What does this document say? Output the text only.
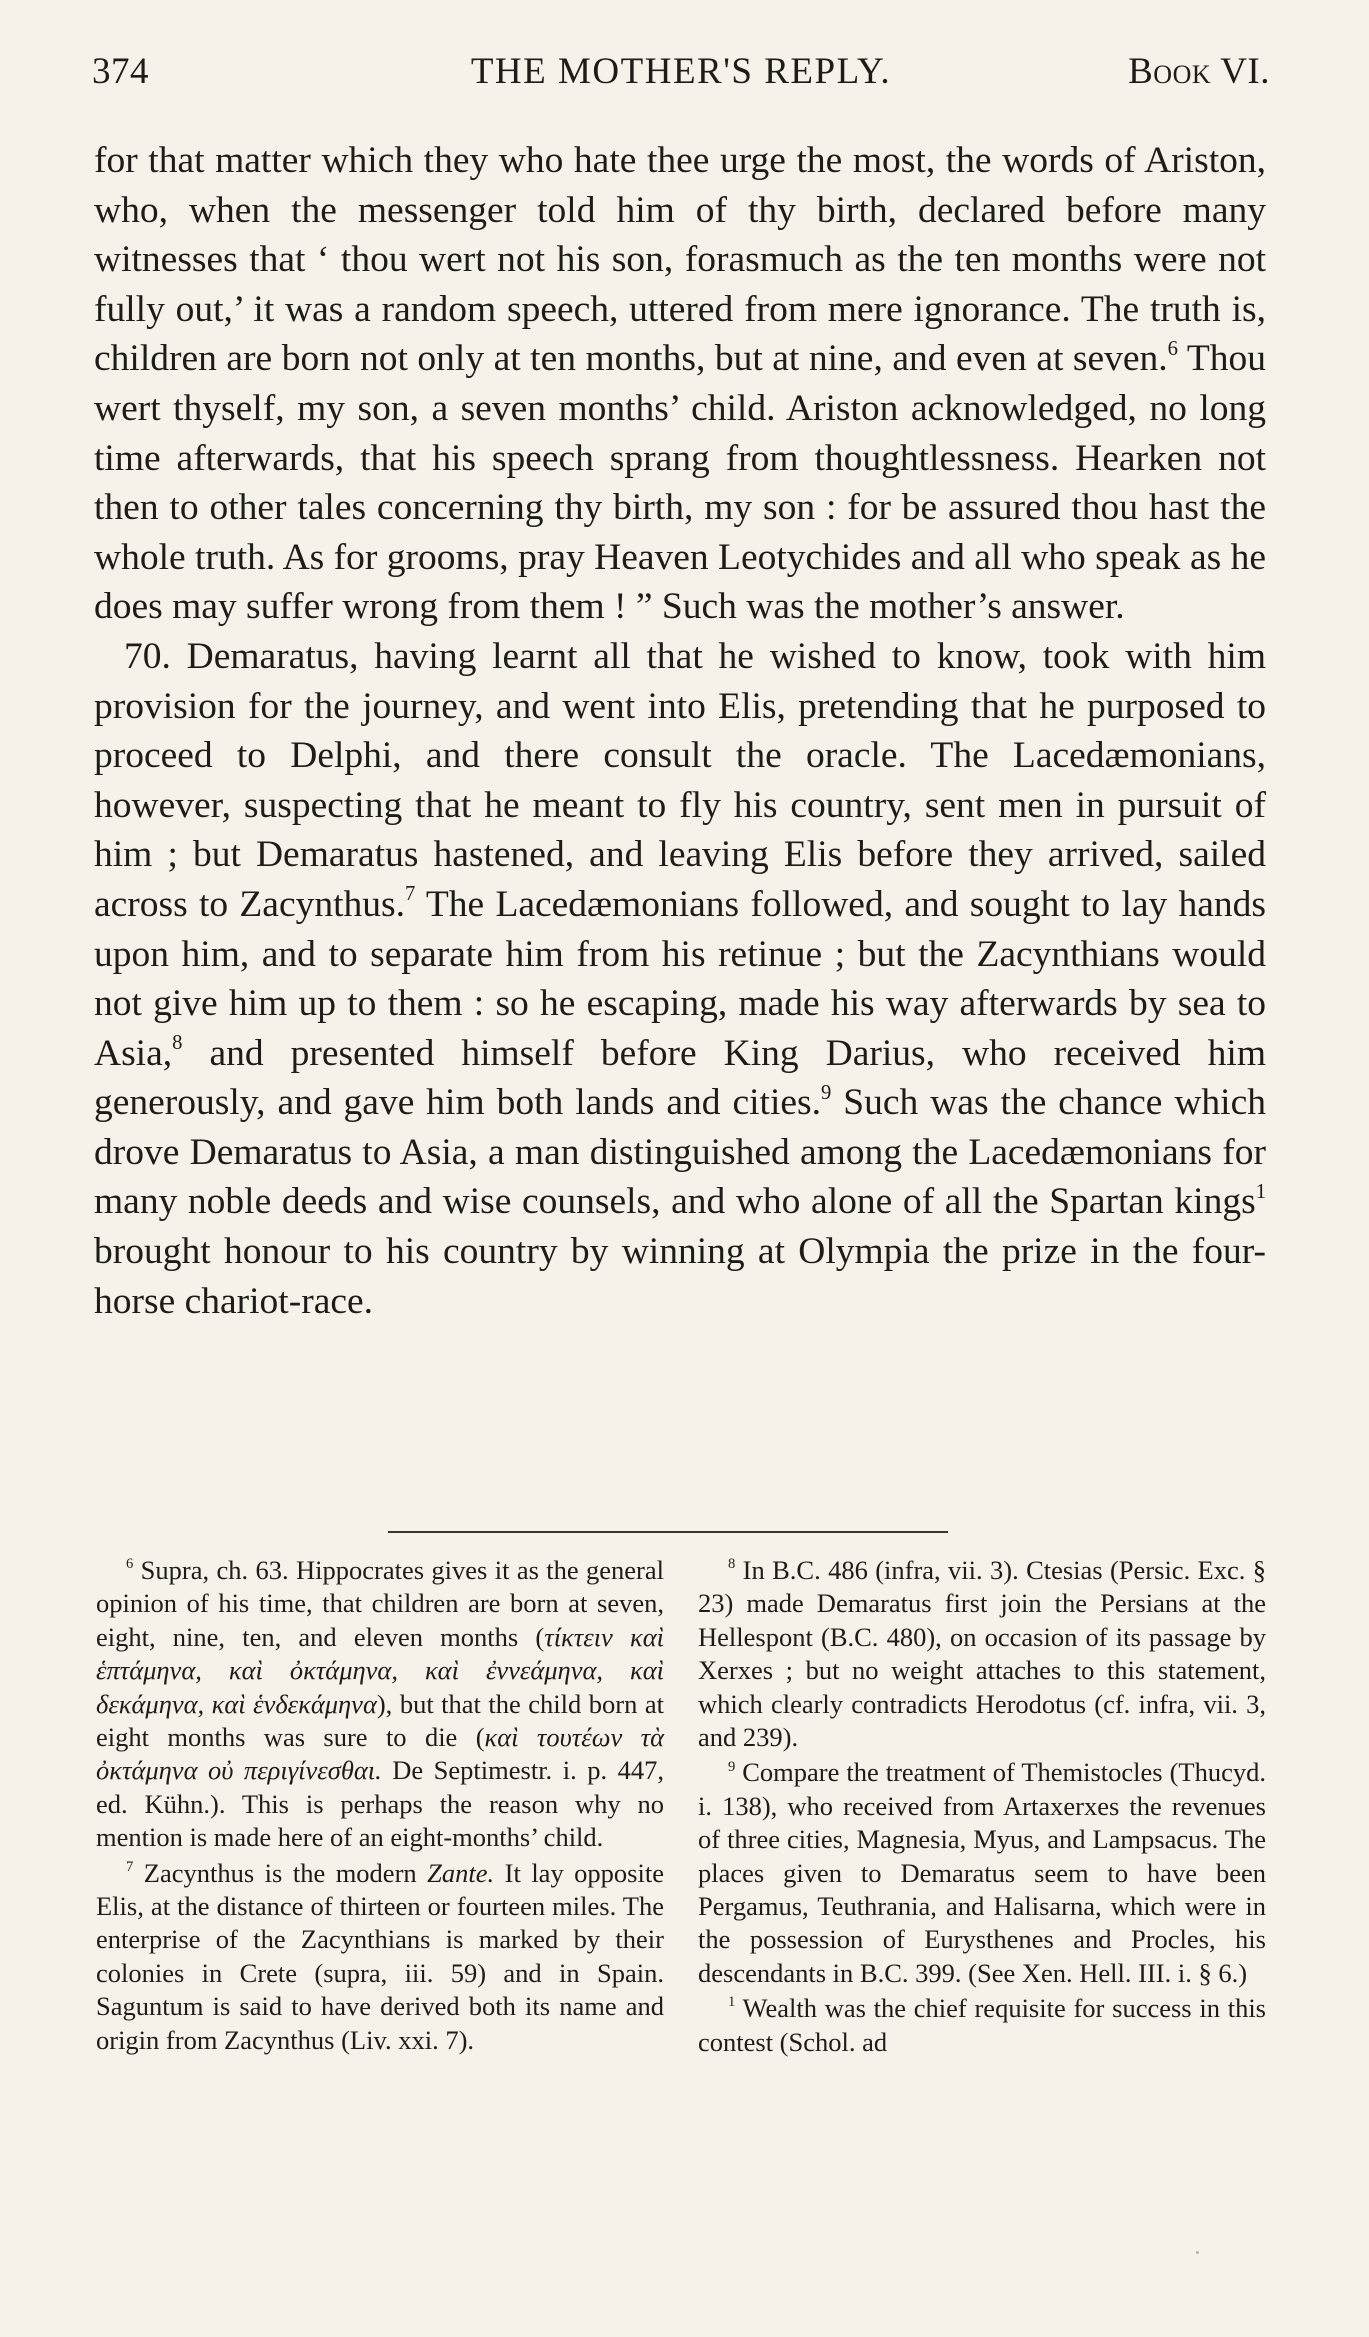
374	THE MOTHER'S REPLY.	Book VI.

for that matter which they who hate thee urge the most, the words of Ariston, who, when the messenger told him of thy birth, declared before many witnesses that ‘ thou wert not his son, forasmuch as the ten months were not fully out,’ it was a random speech, uttered from mere ignorance. The truth is, children are born not only at ten months, but at nine, and even at seven.$^6$ Thou wert thyself, my son, a seven months’ child. Ariston acknowledged, no long time afterwards, that his speech sprang from thoughtlessness. Hearken not then to other tales concerning thy birth, my son : for be assured thou hast the whole truth. As for grooms, pray Heaven Leotychides and all who speak as he does may suffer wrong from them ! ” Such was the mother’s answer.

70. Demaratus, having learnt all that he wished to know, took with him provision for the journey, and went into Elis, pretending that he purposed to proceed to Delphi, and there consult the oracle. The Lacedæmonians, however, suspecting that he meant to fly his country, sent men in pursuit of him ; but Demaratus hastened, and leaving Elis before they arrived, sailed across to Zacynthus.$^7$ The Lacedæmonians followed, and sought to lay hands upon him, and to separate him from his retinue ; but the Zacynthians would not give him up to them : so he escaping, made his way afterwards by sea to Asia,$^8$ and presented himself before King Darius, who received him generously, and gave him both lands and cities.$^9$ Such was the chance which drove Demaratus to Asia, a man distinguished among the Lacedæmonians for many noble deeds and wise counsels, and who alone of all the Spartan kings$^1$ brought honour to his country by winning at Olympia the prize in the four-horse chariot-race.

$^6$ Supra, ch. 63. Hippocrates gives it as the general opinion of his time, that children are born at seven, eight, nine, ten, and eleven months (τίκτειν καὶ ἑπτάμηνα, καὶ ὀκτάμηνα, καὶ ἐννεάμηνα, καὶ δεκάμηνα, καὶ ἑνδεκάμηνα), but that the child born at eight months was sure to die (καὶ τουτέων τὰ ὀκτάμηνα οὐ περιγίνεσθαι. De Septimestr. i. p. 447, ed. Kühn.). This is perhaps the reason why no mention is made here of an eight-months’ child.

$^7$ Zacynthus is the modern Zante. It lay opposite Elis, at the distance of thirteen or fourteen miles. The enterprise of the Zacynthians is marked by their colonies in Crete (supra, iii. 59) and in Spain. Saguntum is said to have derived both its name and origin from Zacynthus (Liv. xxi. 7).

$^8$ In B.C. 486 (infra, vii. 3). Ctesias (Persic. Exc. § 23) made Demaratus first join the Persians at the Hellespont (B.C. 480), on occasion of its passage by Xerxes ; but no weight attaches to this statement, which clearly contradicts Herodotus (cf. infra, vii. 3, and 239).

$^9$ Compare the treatment of Themistocles (Thucyd. i. 138), who received from Artaxerxes the revenues of three cities, Magnesia, Myus, and Lampsacus. The places given to Demaratus seem to have been Pergamus, Teuthrania, and Halisarna, which were in the possession of Eurysthenes and Procles, his descendants in B.C. 399. (See Xen. Hell. III. i. § 6.)

$^1$ Wealth was the chief requisite for success in this contest (Schol. ad
